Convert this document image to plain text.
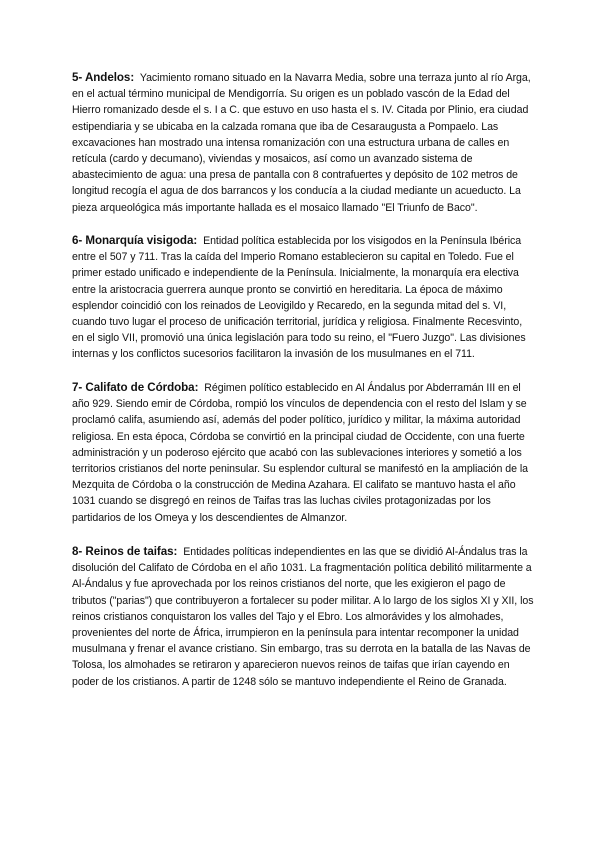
5- Andelos: Yacimiento romano situado en la Navarra Media, sobre una terraza junto al río Arga, en el actual término municipal de Mendigorría. Su origen es un poblado vascón de la Edad del Hierro romanizado desde el s. I a C. que estuvo en uso hasta el s. IV. Citada por Plinio, era ciudad estipendiaria y se ubicaba en la calzada romana que iba de Cesaraugusta a Pompaelo. Las excavaciones han mostrado una intensa romanización con una estructura urbana de calles en retícula (cardo y decumano), viviendas y mosaicos, así como un avanzado sistema de abastecimiento de agua: una presa de pantalla con 8 contrafuertes y depósito de 102 metros de longitud recogía el agua de dos barrancos y los conducía a la ciudad mediante un acueducto. La pieza arqueológica más importante hallada es el mosaico llamado "El Triunfo de Baco".

6- Monarquía visigoda: Entidad política establecida por los visigodos en la Península Ibérica entre el 507 y 711. Tras la caída del Imperio Romano establecieron su capital en Toledo. Fue el primer estado unificado e independiente de la Península. Inicialmente, la monarquía era electiva entre la aristocracia guerrera aunque pronto se convirtió en hereditaria. La época de máximo esplendor coincidió con los reinados de Leovigildo y Recaredo, en la segunda mitad del s. VI, cuando tuvo lugar el proceso de unificación territorial, jurídica y religiosa. Finalmente Recesvinto, en el siglo VII, promovió una única legislación para todo su reino, el "Fuero Juzgo". Las divisiones internas y los conflictos sucesorios facilitaron la invasión de los musulmanes en el 711.

7- Califato de Córdoba: Régimen político establecido en Al Ándalus por Abderramán III en el año 929. Siendo emir de Córdoba, rompió los vínculos de dependencia con el resto del Islam y se proclamó califa, asumiendo así, además del poder político, jurídico y militar, la máxima autoridad religiosa. En esta época, Córdoba se convirtió en la principal ciudad de Occidente, con una fuerte administración y un poderoso ejército que acabó con las sublevaciones interiores y sometió a los territorios cristianos del norte peninsular. Su esplendor cultural se manifestó en la ampliación de la Mezquita de Córdoba o la construcción de Medina Azahara. El califato se mantuvo hasta el año 1031 cuando se disgregó en reinos de Taifas tras las luchas civiles protagonizadas por los partidarios de los Omeya y los descendientes de Almanzor.

8- Reinos de taifas: Entidades políticas independientes en las que se dividió Al-Ándalus tras la disolución del Califato de Córdoba en el año 1031. La fragmentación política debilitó militarmente a Al-Ándalus y fue aprovechada por los reinos cristianos del norte, que les exigieron el pago de tributos ("parias") que contribuyeron a fortalecer su poder militar. A lo largo de los siglos XI y XII, los reinos cristianos conquistaron los valles del Tajo y el Ebro. Los almorávides y los almohades, provenientes del norte de África, irrumpieron en la península para intentar recomponer la unidad musulmana y frenar el avance cristiano. Sin embargo, tras su derrota en la batalla de las Navas de Tolosa, los almohades se retiraron y aparecieron nuevos reinos de taifas que irían cayendo en poder de los cristianos. A partir de 1248 sólo se mantuvo independiente el Reino de Granada.
